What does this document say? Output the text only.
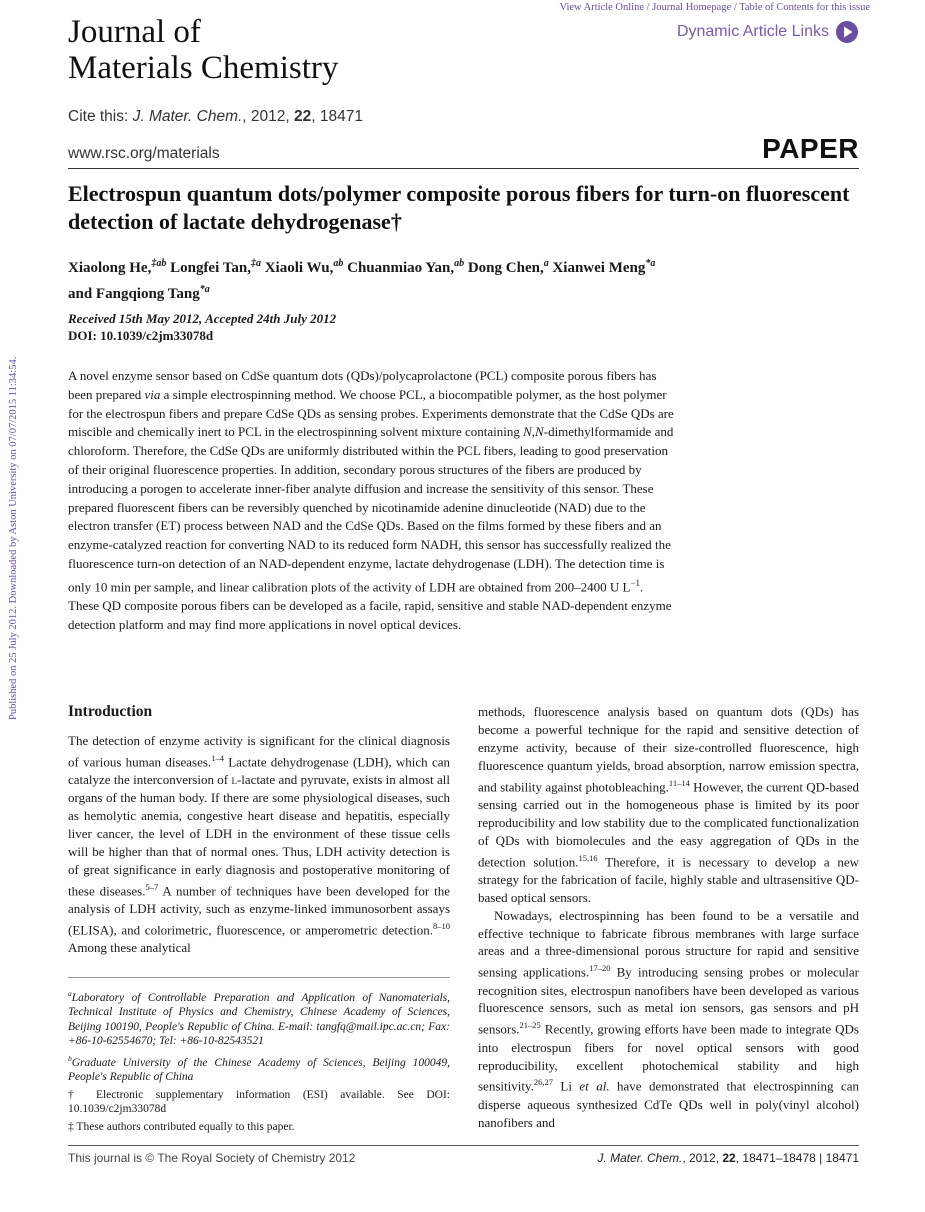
View Article Online / Journal Homepage / Table of Contents for this issue
Journal of
Materials Chemistry
Dynamic Article Links
Cite this: J. Mater. Chem., 2012, 22, 18471
www.rsc.org/materials	PAPER
Published on 25 July 2012. Downloaded by Aston University on 07/07/2015 11:34:54.
Electrospun quantum dots/polymer composite porous fibers for turn-on fluorescent detection of lactate dehydrogenase†
Xiaolong He,$^{\ddagger ab}$ Longfei Tan,$^{\ddagger a}$ Xiaoli Wu,$^{ab}$ Chuanmiao Yan,$^{ab}$ Dong Chen,$^a$ Xianwei Meng$^{*a}$
and Fangqiong Tang$^{*a}$
Received 15th May 2012, Accepted 24th July 2012
DOI: 10.1039/c2jm33078d
A novel enzyme sensor based on CdSe quantum dots (QDs)/polycaprolactone (PCL) composite porous fibers has been prepared via a simple electrospinning method. We choose PCL, a biocompatible polymer, as the host polymer for the electrospun fibers and prepare CdSe QDs as sensing probes. Experiments demonstrate that the CdSe QDs are miscible and chemically inert to PCL in the electrospinning solvent mixture containing N,N-dimethylformamide and chloroform. Therefore, the CdSe QDs are uniformly distributed within the PCL fibers, leading to good preservation of their original fluorescence properties. In addition, secondary porous structures of the fibers are produced by introducing a porogen to accelerate inner-fiber analyte diffusion and increase the sensitivity of this sensor. These prepared fluorescent fibers can be reversibly quenched by nicotinamide adenine dinucleotide (NAD) due to the electron transfer (ET) process between NAD and the CdSe QDs. Based on the films formed by these fibers and an enzyme-catalyzed reaction for converting NAD to its reduced form NADH, this sensor has successfully realized the fluorescence turn-on detection of an NAD-dependent enzyme, lactate dehydrogenase (LDH). The detection time is only 10 min per sample, and linear calibration plots of the activity of LDH are obtained from 200–2400 U $L^{-1}$. These QD composite porous fibers can be developed as a facile, rapid, sensitive and stable NAD-dependent enzyme detection platform and may find more applications in novel optical devices.
Introduction

The detection of enzyme activity is significant for the clinical diagnosis of various human diseases.$^{1-4}$ Lactate dehydrogenase (LDH), which can catalyze the interconversion of l-lactate and pyruvate, exists in almost all organs of the human body. If there are some physiological diseases, such as hemolytic anemia, congestive heart disease and hepatitis, especially liver cancer, the level of LDH in the environment of these tissue cells will be higher than that of normal ones. Thus, LDH activity detection is of great significance in early diagnosis and postoperative monitoring of these diseases.$^{5-7}$ A number of techniques have been developed for the analysis of LDH activity, such as enzyme-linked immunosorbent assays (ELISA), and colorimetric, fluorescence, or amperometric detection.$^{8-10}$ Among these analytical

$^a$Laboratory of Controllable Preparation and Application of Nanomaterials, Technical Institute of Physics and Chemistry, Chinese Academy of Sciences, Beijing 100190, People's Republic of China. E-mail: tangfq@mail.ipc.ac.cn; Fax: +86-10-62554670; Tel: +86-10-82543521

$^b$Graduate University of the Chinese Academy of Sciences, Beijing 100049, People's Republic of China

† Electronic supplementary information (ESI) available. See DOI: 10.1039/c2jm33078d

‡ These authors contributed equally to this paper.

methods, fluorescence analysis based on quantum dots (QDs) has become a powerful technique for the rapid and sensitive detection of enzyme activity, because of their size-controlled fluorescence, high fluorescence quantum yields, broad absorption, narrow emission spectra, and stability against photobleaching.$^{11-14}$ However, the current QD-based sensing carried out in the homogeneous phase is limited by its poor reproducibility and low stability due to the complicated functionalization of QDs with biomolecules and the easy aggregation of QDs in the detection solution.$^{15,16}$ Therefore, it is necessary to develop a new strategy for the fabrication of facile, highly stable and ultrasensitive QD-based optical sensors.

Nowadays, electrospinning has been found to be a versatile and effective technique to fabricate fibrous membranes with large surface areas and a three-dimensional porous structure for rapid and sensitive sensing applications.$^{17-20}$ By introducing sensing probes or molecular recognition sites, electrospun nanofibers have been developed as various fluorescence sensors, such as metal ion sensors, gas sensors and pH sensors.$^{21-25}$ Recently, growing efforts have been made to integrate QDs into electrospun fibers for novel optical sensors with good reproducibility, excellent photochemical stability and high sensitivity.$^{26,27}$ Li et al. have demonstrated that electrospinning can disperse aqueous synthesized CdTe QDs well in poly(vinyl alcohol) nanofibers and

This journal is © The Royal Society of Chemistry 2012	J. Mater. Chem., 2012, 22, 18471–18478 | 18471
